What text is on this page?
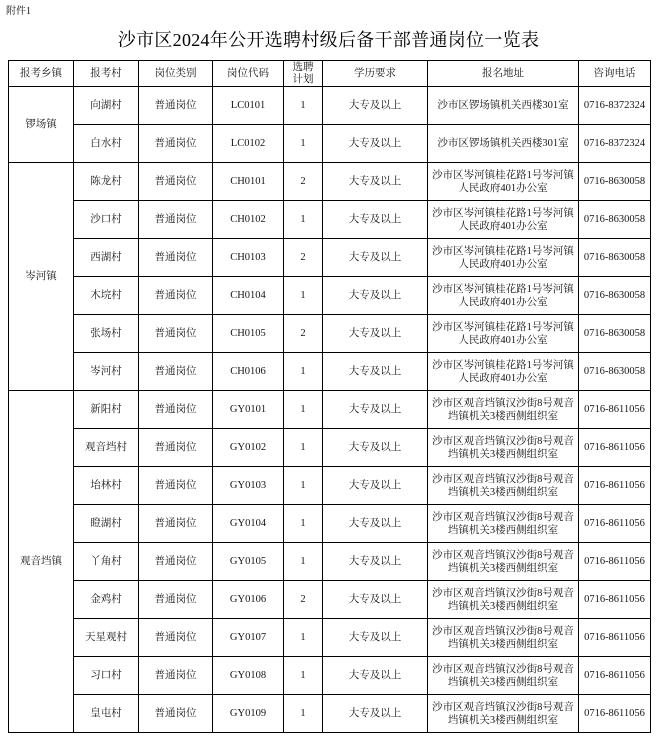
附件1
沙市区2024年公开选聘村级后备干部普通岗位一览表
报考乡镇	报考村	岗位类别	岗位代码	选聘计划	学历要求	报名地址	咨询电话
锣场镇	向湖村	普通岗位	LC0101	1	大专及以上	沙市区锣场镇机关西楼301室	0716-8372324
	白水村	普通岗位	LC0102	1	大专及以上	沙市区锣场镇机关西楼301室	0716-8372324
岑河镇	陈龙村	普通岗位	CH0101	2	大专及以上	沙市区岑河镇桂花路1号岑河镇人民政府401办公室	0716-8630058
	沙口村	普通岗位	CH0102	1	大专及以上	沙市区岑河镇桂花路1号岑河镇人民政府401办公室	0716-8630058
	西湖村	普通岗位	CH0103	2	大专及以上	沙市区岑河镇桂花路1号岑河镇人民政府401办公室	0716-8630058
	木垸村	普通岗位	CH0104	1	大专及以上	沙市区岑河镇桂花路1号岑河镇人民政府401办公室	0716-8630058
	张场村	普通岗位	CH0105	2	大专及以上	沙市区岑河镇桂花路1号岑河镇人民政府401办公室	0716-8630058
	岑河村	普通岗位	CH0106	1	大专及以上	沙市区岑河镇桂花路1号岑河镇人民政府401办公室	0716-8630058
观音垱镇	新阳村	普通岗位	GY0101	1	大专及以上	沙市区观音垱镇汉沙街8号观音垱镇机关3楼西侧组织室	0716-8611056
	观音垱村	普通岗位	GY0102	1	大专及以上	沙市区观音垱镇汉沙街8号观音垱镇机关3楼西侧组织室	0716-8611056
	坮林村	普通岗位	GY0103	1	大专及以上	沙市区观音垱镇汉沙街8号观音垱镇机关3楼西侧组织室	0716-8611056
	瞪湖村	普通岗位	GY0104	1	大专及以上	沙市区观音垱镇汉沙街8号观音垱镇机关3楼西侧组织室	0716-8611056
	丫角村	普通岗位	GY0105	1	大专及以上	沙市区观音垱镇汉沙街8号观音垱镇机关3楼西侧组织室	0716-8611056
	金鸡村	普通岗位	GY0106	2	大专及以上	沙市区观音垱镇汉沙街8号观音垱镇机关3楼西侧组织室	0716-8611056
	天星观村	普通岗位	GY0107	1	大专及以上	沙市区观音垱镇汉沙街8号观音垱镇机关3楼西侧组织室	0716-8611056
	习口村	普通岗位	GY0108	1	大专及以上	沙市区观音垱镇汉沙街8号观音垱镇机关3楼西侧组织室	0716-8611056
	皇屯村	普通岗位	GY0109	1	大专及以上	沙市区观音垱镇汉沙街8号观音垱镇机关3楼西侧组织室	0716-8611056
